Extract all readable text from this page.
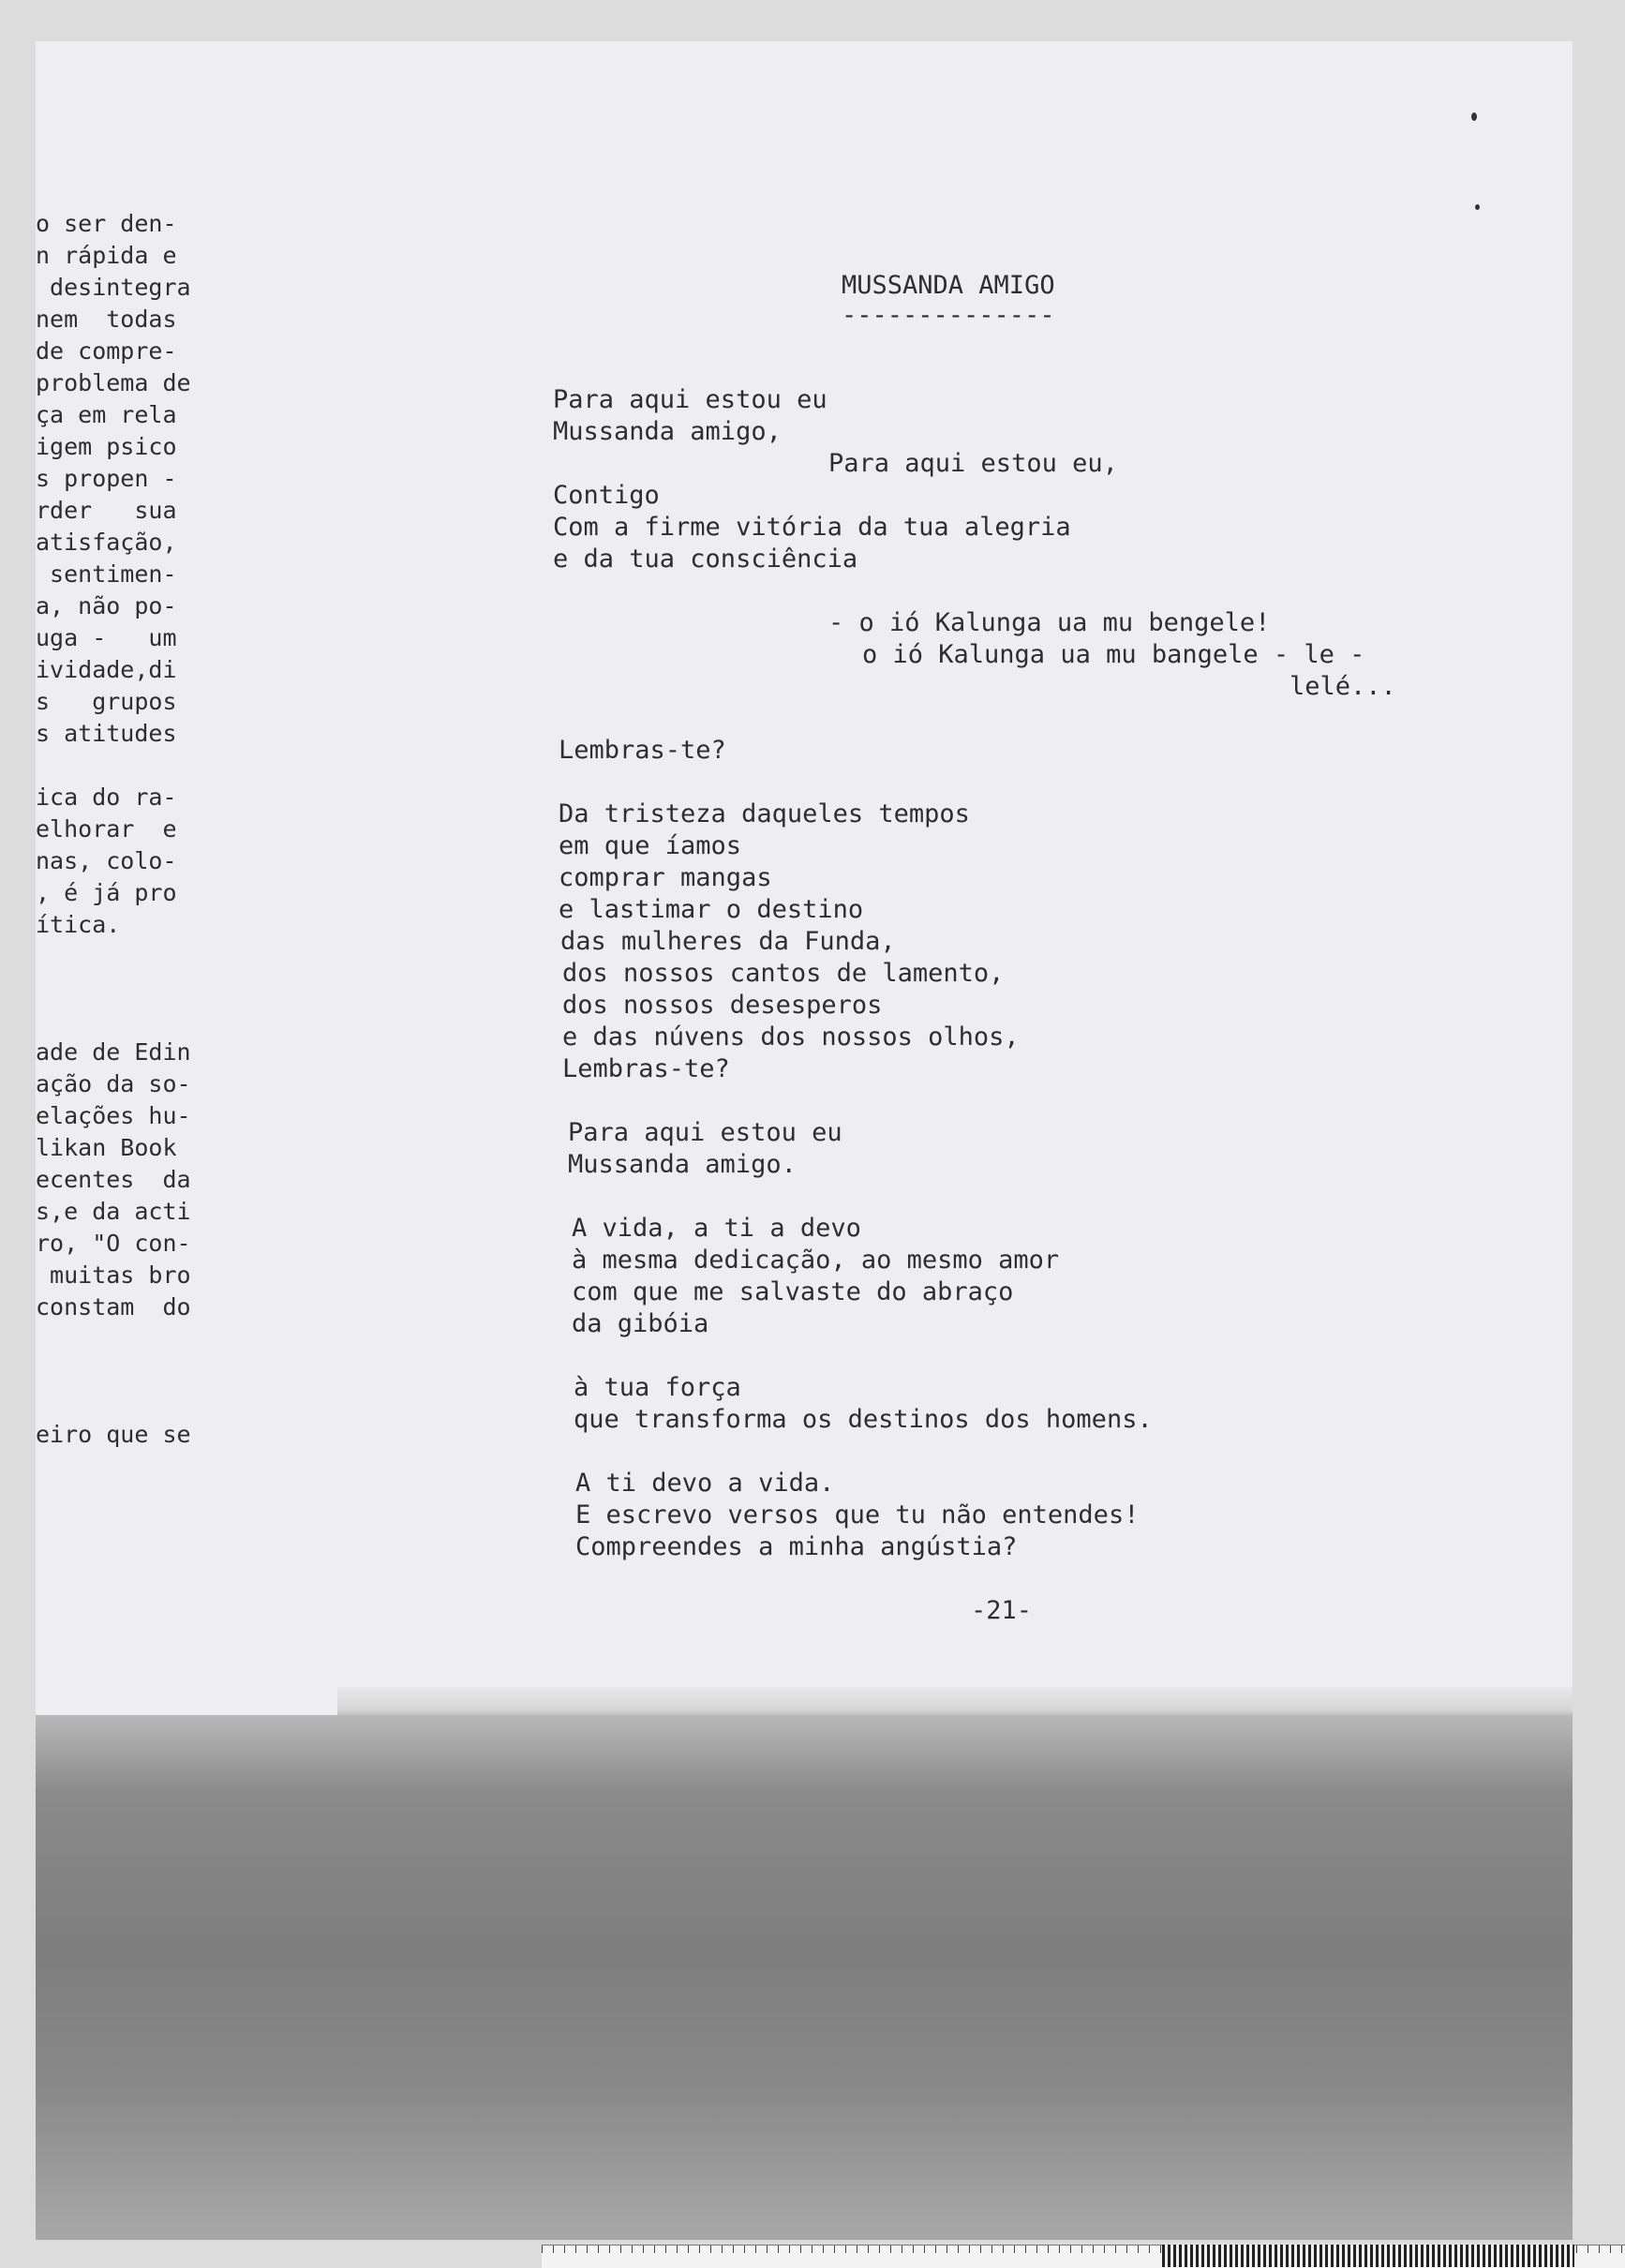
o ser den-
n rápida e
desintegra
nem  todas
de compre-
problema de
ça em rela
igem psico
s propen -
rder   sua
atisfação,
sentimen-
a, não po-
uga -   um
ividade,di
s   grupos
s atitudes
ica do ra-
elhorar  e
nas, colo-
, é já pro
ítica.
ade de Edin
ação da so-
elações hu-
likan Book
ecentes  da
s,e da acti
ro, "O con-
muitas bro
constam  do
eiro que se
MUSSANDA AMIGO
--------------
Para aqui estou eu
Mussanda amigo,
Para aqui estou eu,
Contigo
Com a firme vitória da tua alegria
e da tua consciência
- o ió Kalunga ua mu bengele!
o ió Kalunga ua mu bangele - le -
lelé...
Lembras-te?
Da tristeza daqueles tempos
em que íamos
comprar mangas
e lastimar o destino
das mulheres da Funda,
dos nossos cantos de lamento,
dos nossos desesperos
e das núvens dos nossos olhos,
Lembras-te?
Para aqui estou eu
Mussanda amigo.
A vida, a ti a devo
à mesma dedicação, ao mesmo amor
com que me salvaste do abraço
da gibóia
à tua força
que transforma os destinos dos homens.
A ti devo a vida.
E escrevo versos que tu não entendes!
Compreendes a minha angústia?
-21-
